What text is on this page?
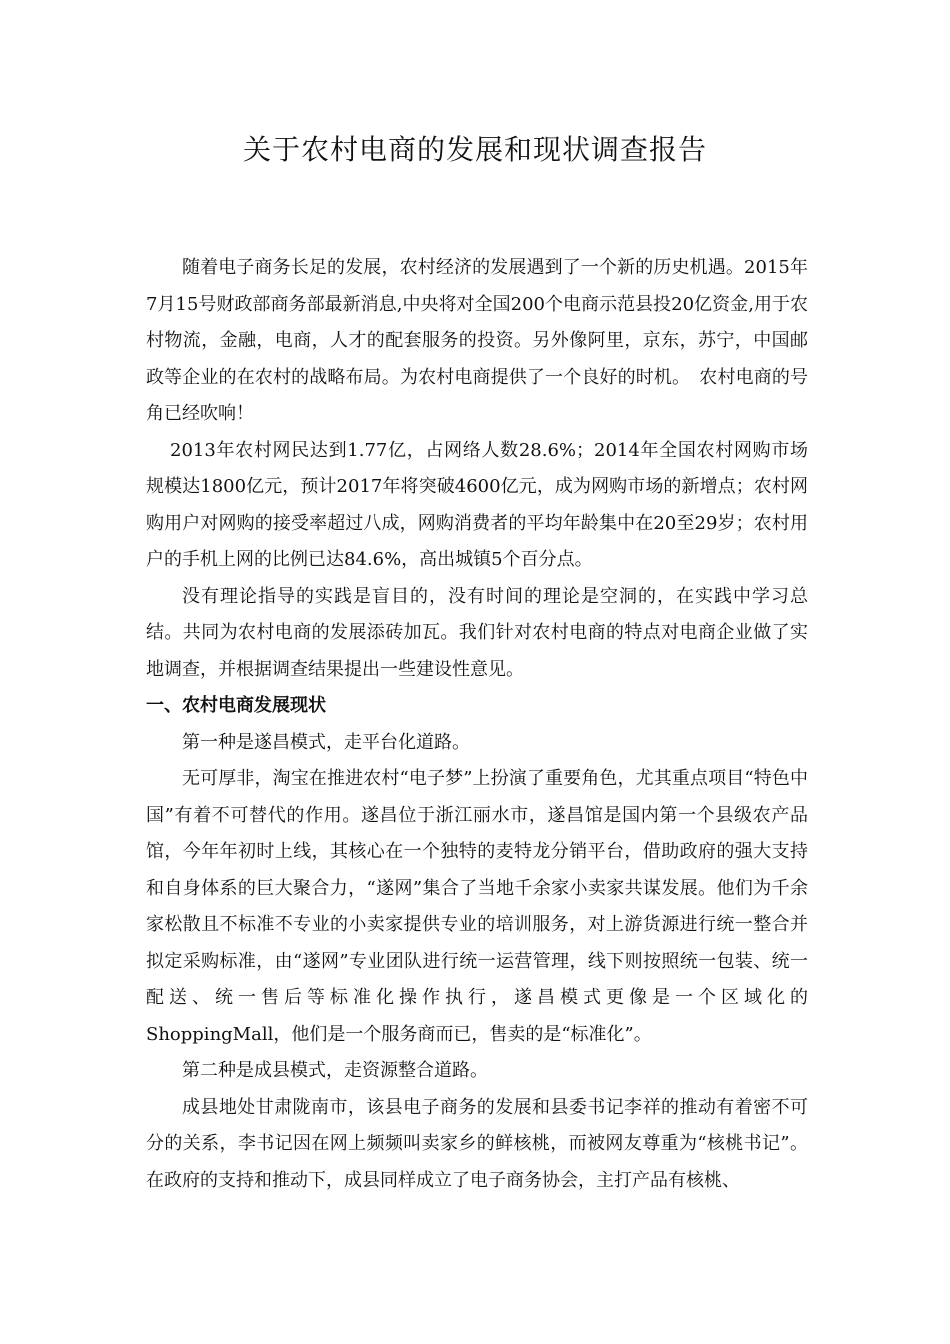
关于农村电商的发展和现状调查报告

随着电子商务长足的发展，农村经济的发展遇到了一个新的历史机遇。2015年7月15号财政部商务部最新消息,中央将对全国200个电商示范县投20亿资金,用于农村物流，金融，电商，人才的配套服务的投资。另外像阿里，京东，苏宁，中国邮政等企业的在农村的战略布局。为农村电商提供了一个良好的时机。　农村电商的号角已经吹响！

2013年农村网民达到1.77亿，占网络人数28.6%；2014年全国农村网购市场规模达1800亿元，预计2017年将突破4600亿元，成为网购市场的新增点；农村网购用户对网购的接受率超过八成，网购消费者的平均年龄集中在20至29岁；农村用户的手机上网的比例已达84.6%，高出城镇5个百分点。

没有理论指导的实践是盲目的，没有时间的理论是空洞的，在实践中学习总结。共同为农村电商的发展添砖加瓦。我们针对农村电商的特点对电商企业做了实地调查，并根据调查结果提出一些建设性意见。

一、农村电商发展现状

第一种是遂昌模式，走平台化道路。

无可厚非，淘宝在推进农村“电子梦”上扮演了重要角色，尤其重点项目“特色中国”有着不可替代的作用。遂昌位于浙江丽水市，遂昌馆是国内第一个县级农产品馆，今年年初时上线，其核心在一个独特的麦特龙分销平台，借助政府的强大支持和自身体系的巨大聚合力，“遂网”集合了当地千余家小卖家共谋发展。他们为千余家松散且不标准不专业的小卖家提供专业的培训服务，对上游货源进行统一整合并拟定采购标准，由“遂网”专业团队进行统一运营管理，线下则按照统一包装、统一配送、统一售后等标准化操作执行，遂昌模式更像是一个区域化的ShoppingMall，他们是一个服务商而已，售卖的是“标准化”。

第二种是成县模式，走资源整合道路。

成县地处甘肃陇南市，该县电子商务的发展和县委书记李祥的推动有着密不可分的关系，李书记因在网上频频叫卖家乡的鲜核桃，而被网友尊重为“核桃书记”。在政府的支持和推动下，成县同样成立了电子商务协会，主打产品有核桃、
